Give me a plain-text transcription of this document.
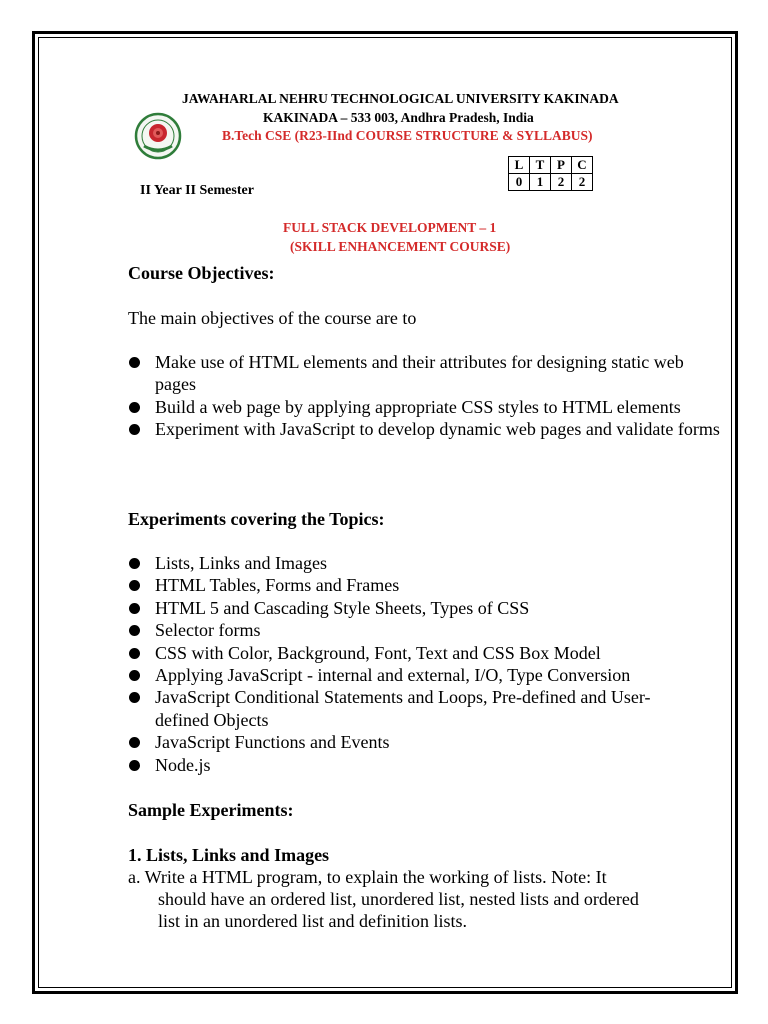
JAWAHARLAL NEHRU TECHNOLOGICAL UNIVERSITY KAKINADA
KAKINADA – 533 003, Andhra Pradesh, India
B.Tech CSE (R23-IInd COURSE STRUCTURE & SYLLABUS)
II Year II Semester
L	T	P	C
0	1	2	2
FULL STACK DEVELOPMENT – 1
(SKILL ENHANCEMENT COURSE)
Course Objectives:
The main objectives of the course are to
Make use of HTML elements and their attributes for designing static web pages
Build a web page by applying appropriate CSS styles to HTML elements
Experiment with JavaScript to develop dynamic web pages and validate forms
Experiments covering the Topics:
Lists, Links and Images
HTML Tables, Forms and Frames
HTML 5 and Cascading Style Sheets, Types of CSS
Selector forms
CSS with Color, Background, Font, Text and CSS Box Model
Applying JavaScript - internal and external, I/O, Type Conversion
JavaScript Conditional Statements and Loops, Pre-defined and User-defined Objects
JavaScript Functions and Events
Node.js
Sample Experiments:
1. Lists, Links and Images
a. Write a HTML program, to explain the working of lists. Note: It
should have an ordered list, unordered list, nested lists and ordered
list in an unordered list and definition lists.
